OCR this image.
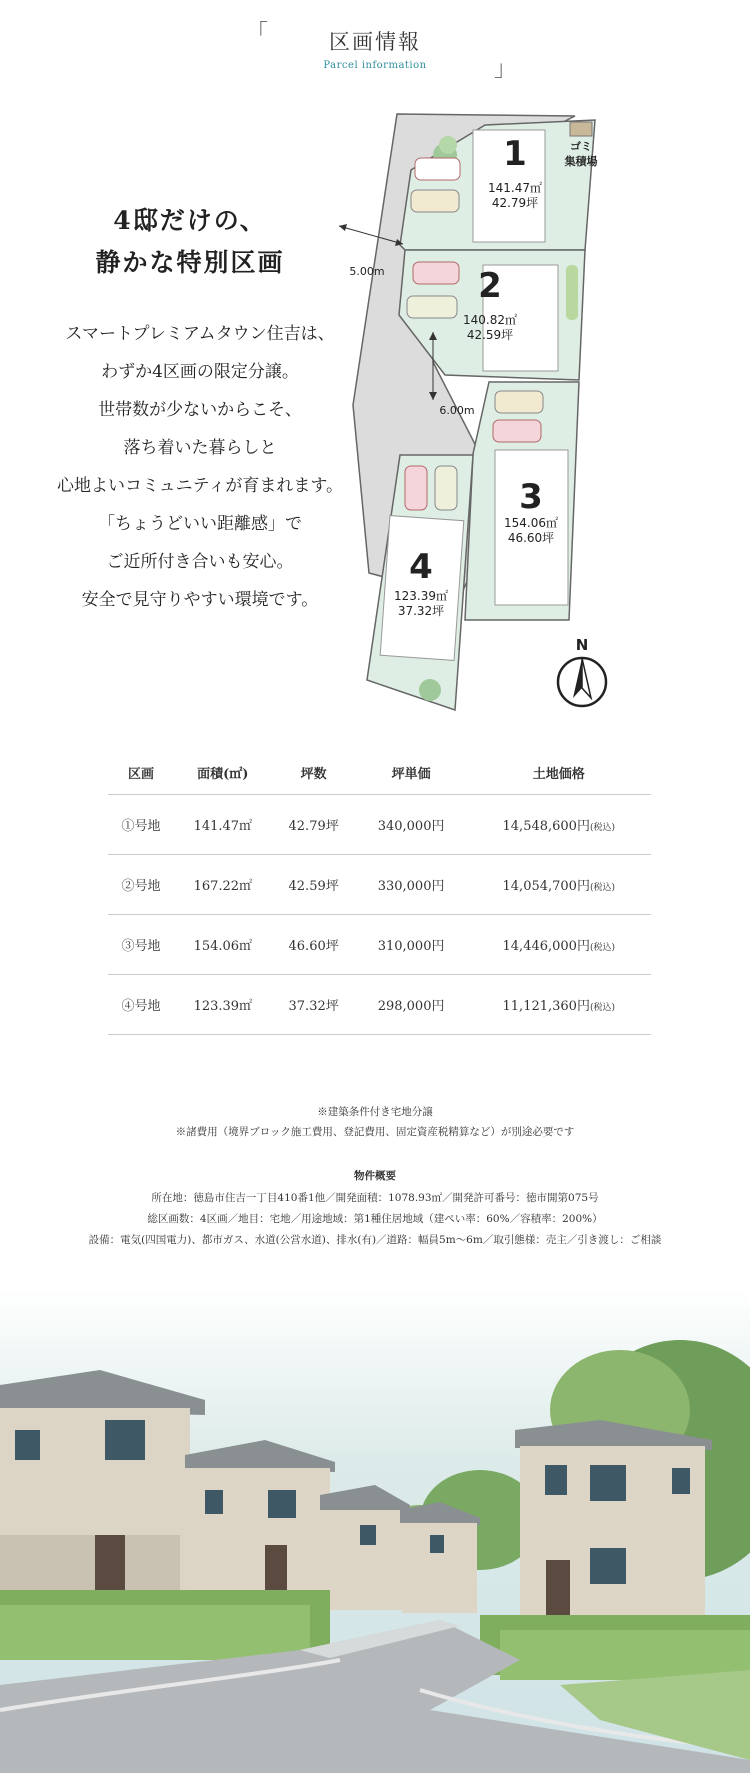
「	区画情報
Parcel information	」
4邸だけの、
静かな特別区画
スマートプレミアムタウン住吉は、
わずか4区画の限定分譲。
世帯数が少ないからこそ、
落ち着いた暮らしと
心地よいコミュニティが育まれます。
「ちょうどいい距離感」で
ご近所付き合いも安心。
安全で見守りやすい環境です。
ゴミ
集積場
1
141.47㎡
42.79坪
2
140.82㎡
42.59坪
3
154.06㎡
46.60坪
4
123.39㎡
37.32坪
5.00m
6.00m
N
区画	面積(㎡)	坪数	坪単価	土地価格
①号地	141.47㎡	42.79坪	340,000円	14,548,600円(税込)
②号地	167.22㎡	42.59坪	330,000円	14,054,700円(税込)
③号地	154.06㎡	46.60坪	310,000円	14,446,000円(税込)
④号地	123.39㎡	37.32坪	298,000円	11,121,360円(税込)
※建築条件付き宅地分譲
※諸費用（境界ブロック施工費用、登記費用、固定資産税精算など）が別途必要です
物件概要
所在地：徳島市住吉一丁目410番1他／開発面積：1078.93㎡／開発許可番号：徳市開第075号
総区画数：4区画／地目：宅地／用途地域：第1種住居地域（建ぺい率：60%／容積率：200%）
設備：電気(四国電力)、都市ガス、水道(公営水道)、排水(有)／道路：幅員5m〜6m／取引態様：売主／引き渡し：ご相談
